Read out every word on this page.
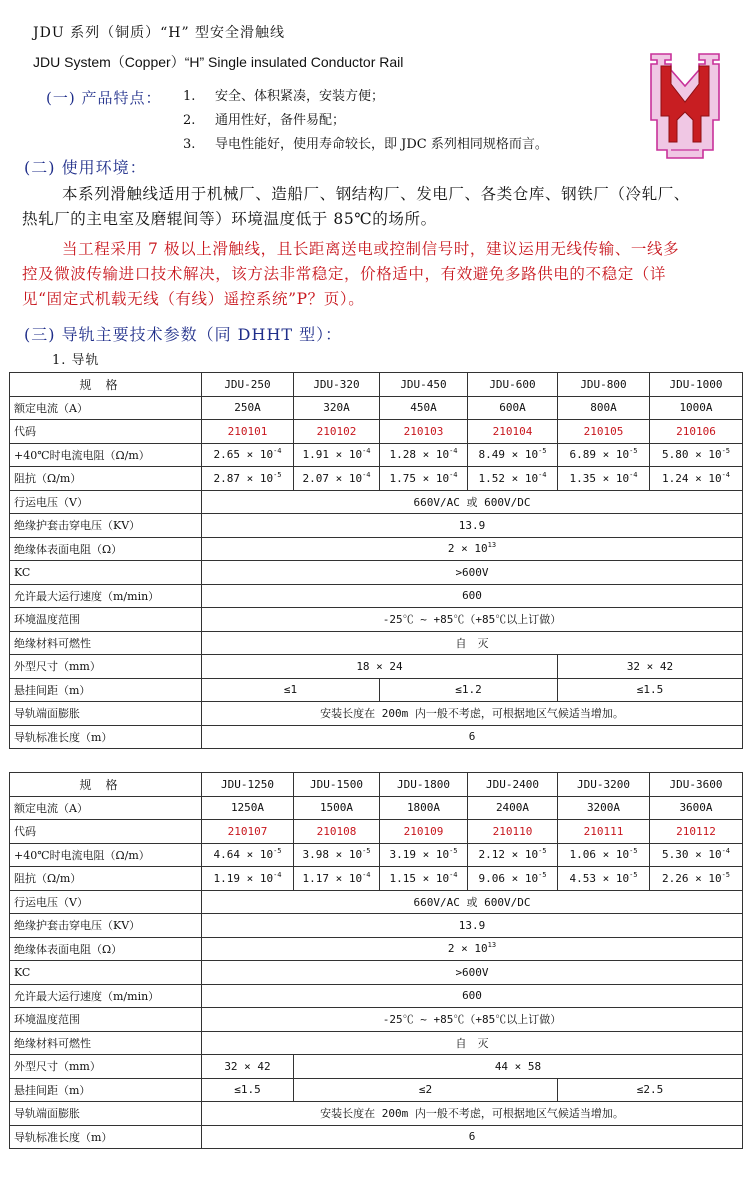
JDU 系列（铜质）“H” 型安全滑触线
JDU System（Copper）“H” Single insulated Conductor Rail
(一) 产品特点： 1.	安全、体积紧凑，安装方便；
2.	通用性好，备件易配；
3.	导电性能好，使用寿命较长，即 JDC 系列相同规格而言。
(二) 使用环境：
本系列滑触线适用于机械厂、造船厂、钢结构厂、发电厂、各类仓库、钢铁厂（冷轧厂、
热轧厂的主电室及磨辊间等）环境温度低于 85℃的场所。
当工程采用 7 极以上滑触线，且长距离送电或控制信号时，建议运用无线传输、一线多
控及微波传输进口技术解决，该方法非常稳定，价格适中，有效避免多路供电的不稳定（详
见“固定式机载无线（有线）遥控系统”P？页）。
(三) 导轨主要技术参数（同 DHHT 型）：
1. 导轨
规格	JDU-250	JDU-320	JDU-450	JDU-600	JDU-800	JDU-1000
额定电流（A）	250A	320A	450A	600A	800A	1000A
代码	210101	210102	210103	210104	210105	210106
+40℃时电流电阻（Ω/m）	$2.65 \times 10^{-4}$	$1.91 \times 10^{-4}$	$1.28 \times 10^{-4}$	$8.49 \times 10^{-5}$	$6.89 \times 10^{-5}$	$5.80 \times 10^{-5}$
阻抗（Ω/m）	$2.87 \times 10^{-5}$	$2.07 \times 10^{-4}$	$1.75 \times 10^{-4}$	$1.52 \times 10^{-4}$	$1.35 \times 10^{-4}$	$1.24 \times 10^{-4}$
行运电压（V）	660V/AC 或 600V/DC					
绝缘护套击穿电压（KV）	13.9					
绝缘体表面电阻（Ω）	$2 \times 10^{13}$
KC	>600V					
允许最大运行速度（m/min）	600					
环境温度范围	-25℃ ~ +85℃（+85℃以上订做）					
绝缘材料可燃性	自　灭					
外型尺寸（mm）	18 × 24				32 × 42	
悬挂间距（m）	≤1		≤1.2		≤1.5	
导轨端面膨胀	安装长度在 200m 内一般不考虑，可根据地区气候适当增加。					
导轨标准长度（m）	6					
规格	JDU-1250	JDU-1500	JDU-1800	JDU-2400	JDU-3200	JDU-3600
额定电流（A）	1250A	1500A	1800A	2400A	3200A	3600A
代码	210107	210108	210109	210110	210111	210112
+40℃时电流电阻（Ω/m）	$4.64 \times 10^{-5}$	$3.98 \times 10^{-5}$	$3.19 \times 10^{-5}$	$2.12 \times 10^{-5}$	$1.06 \times 10^{-5}$	$5.30 \times 10^{-4}$
阻抗（Ω/m）	$1.19 \times 10^{-4}$	$1.17 \times 10^{-4}$	$1.15 \times 10^{-4}$	$9.06 \times 10^{-5}$	$4.53 \times 10^{-5}$	$2.26 \times 10^{-5}$
行运电压（V）	660V/AC 或 600V/DC					
绝缘护套击穿电压（KV）	13.9					
绝缘体表面电阻（Ω）	$2 \times 10^{13}$
KC	>600V					
允许最大运行速度（m/min）	600					
环境温度范围	-25℃ ~ +85℃（+85℃以上订做）					
绝缘材料可燃性	自　灭					
外型尺寸（mm）	32 × 42	44 × 58				
悬挂间距（m）	≤1.5	≤2			≤2.5	
导轨端面膨胀	安装长度在 200m 内一般不考虑，可根据地区气候适当增加。					
导轨标准长度（m）	6					
